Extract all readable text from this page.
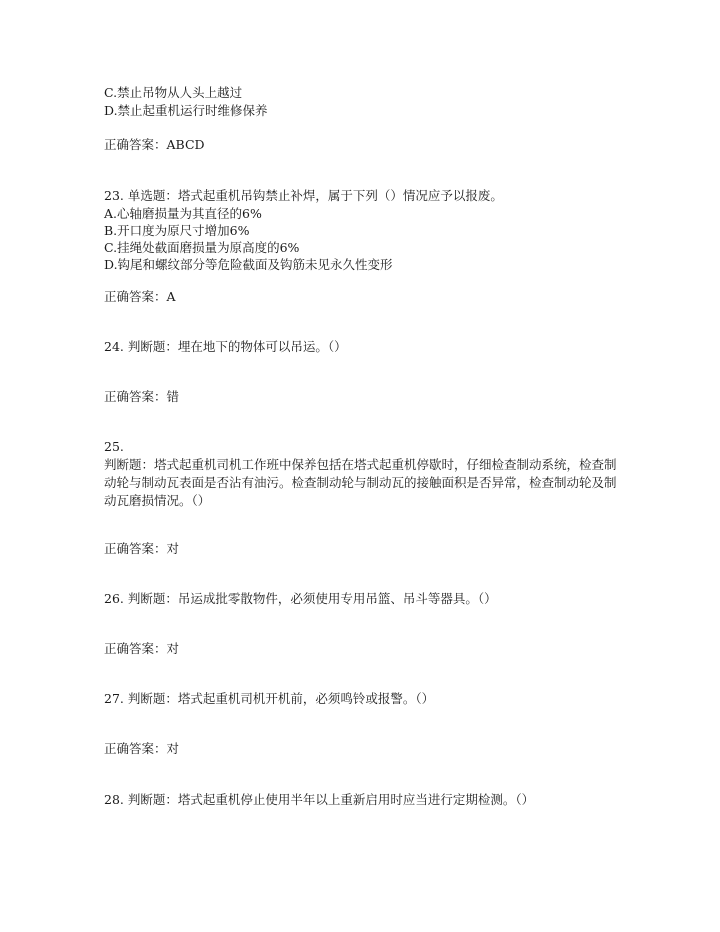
C.禁止吊物从人头上越过
D.禁止起重机运行时维修保养
正确答案：ABCD
23. 单选题：塔式起重机吊钩禁止补焊，属于下列（）情况应予以报废。
A.心轴磨损量为其直径的6%
B.开口度为原尺寸增加6%
C.挂绳处截面磨损量为原高度的6%
D.钩尾和螺纹部分等危险截面及钩筋未见永久性变形
正确答案：A
24. 判断题：埋在地下的物体可以吊运。（）
正确答案：错
25.
判断题：塔式起重机司机工作班中保养包括在塔式起重机停歇时，仔细检查制动系统，检查制动轮与制动瓦表面是否沾有油污。检查制动轮与制动瓦的接触面积是否异常，检查制动轮及制动瓦磨损情况。（）
正确答案：对
26. 判断题：吊运成批零散物件，必须使用专用吊篮、吊斗等器具。（）
正确答案：对
27. 判断题：塔式起重机司机开机前，必须鸣铃或报警。（）
正确答案：对
28. 判断题：塔式起重机停止使用半年以上重新启用时应当进行定期检测。（）
